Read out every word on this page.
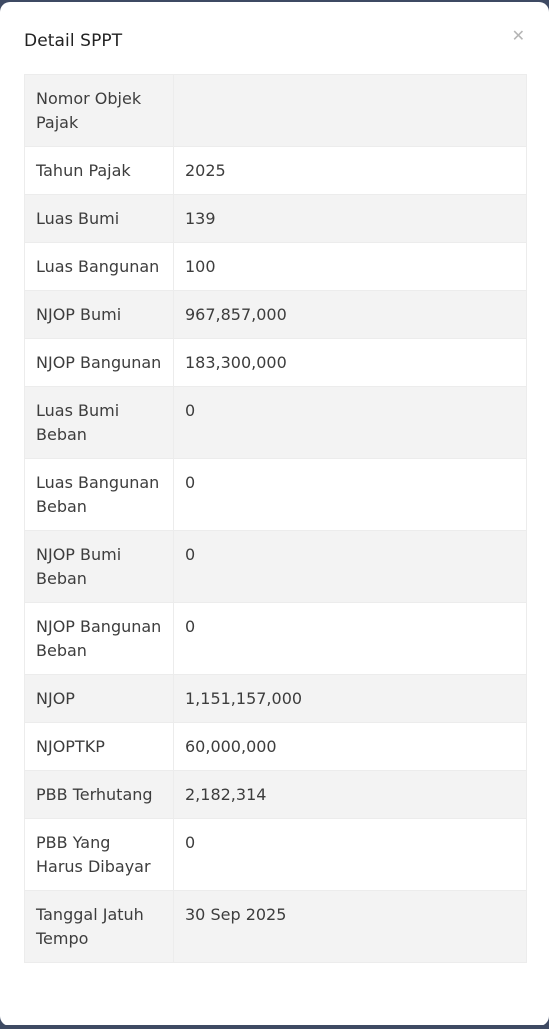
Detail SPPT	✕
Nomor Objek Pajak	
Tahun Pajak	2025
Luas Bumi	139
Luas Bangunan	100
NJOP Bumi	967,857,000
NJOP Bangunan	183,300,000
Luas Bumi Beban	0
Luas Bangunan Beban	0
NJOP Bumi Beban	0
NJOP Bangunan Beban	0
NJOP	1,151,157,000
NJOPTKP	60,000,000
PBB Terhutang	2,182,314
PBB Yang Harus Dibayar	0
Tanggal Jatuh Tempo	30 Sep 2025
